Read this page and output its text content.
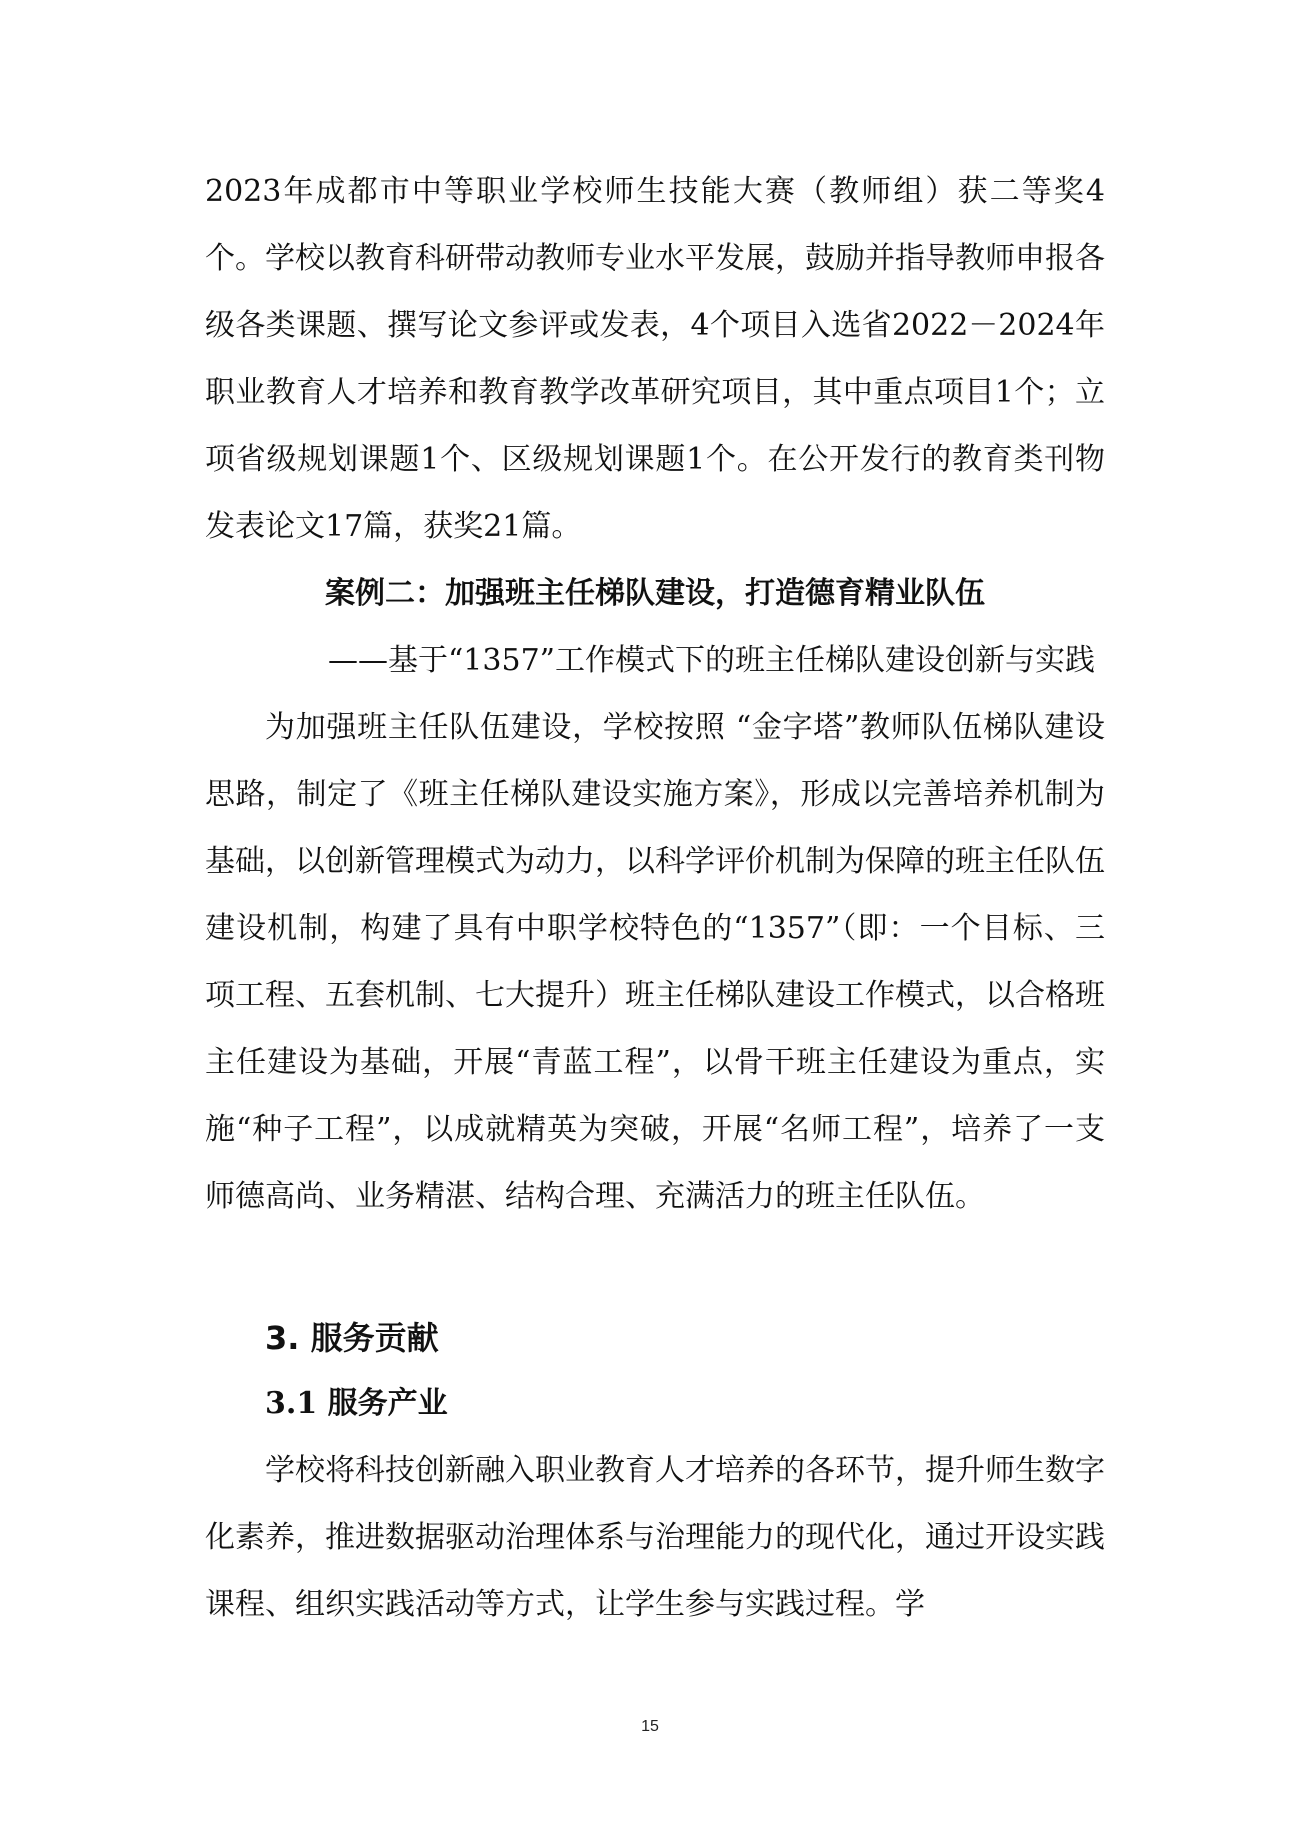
2023年成都市中等职业学校师生技能大赛（教师组）获二等奖4个。学校以教育科研带动教师专业水平发展，鼓励并指导教师申报各级各类课题、撰写论文参评或发表，4个项目入选省2022－2024年职业教育人才培养和教育教学改革研究项目，其中重点项目1个；立项省级规划课题1个、区级规划课题1个。在公开发行的教育类刊物发表论文17篇，获奖21篇。

案例二：加强班主任梯队建设，打造德育精业队伍

——基于“1357”工作模式下的班主任梯队建设创新与实践

为加强班主任队伍建设，学校按照 “金字塔”教师队伍梯队建设思路，制定了《班主任梯队建设实施方案》，形成以完善培养机制为基础，以创新管理模式为动力，以科学评价机制为保障的班主任队伍建设机制，构建了具有中职学校特色的“1357”（即：一个目标、三项工程、五套机制、七大提升）班主任梯队建设工作模式，以合格班主任建设为基础，开展“青蓝工程”，以骨干班主任建设为重点，实施“种子工程”，以成就精英为突破，开展“名师工程”，培养了一支师德高尚、业务精湛、结构合理、充满活力的班主任队伍。

3. 服务贡献
3.1 服务产业

学校将科技创新融入职业教育人才培养的各环节，提升师生数字化素养，推进数据驱动治理体系与治理能力的现代化，通过开设实践课程、组织实践活动等方式，让学生参与实践过程。学

15
